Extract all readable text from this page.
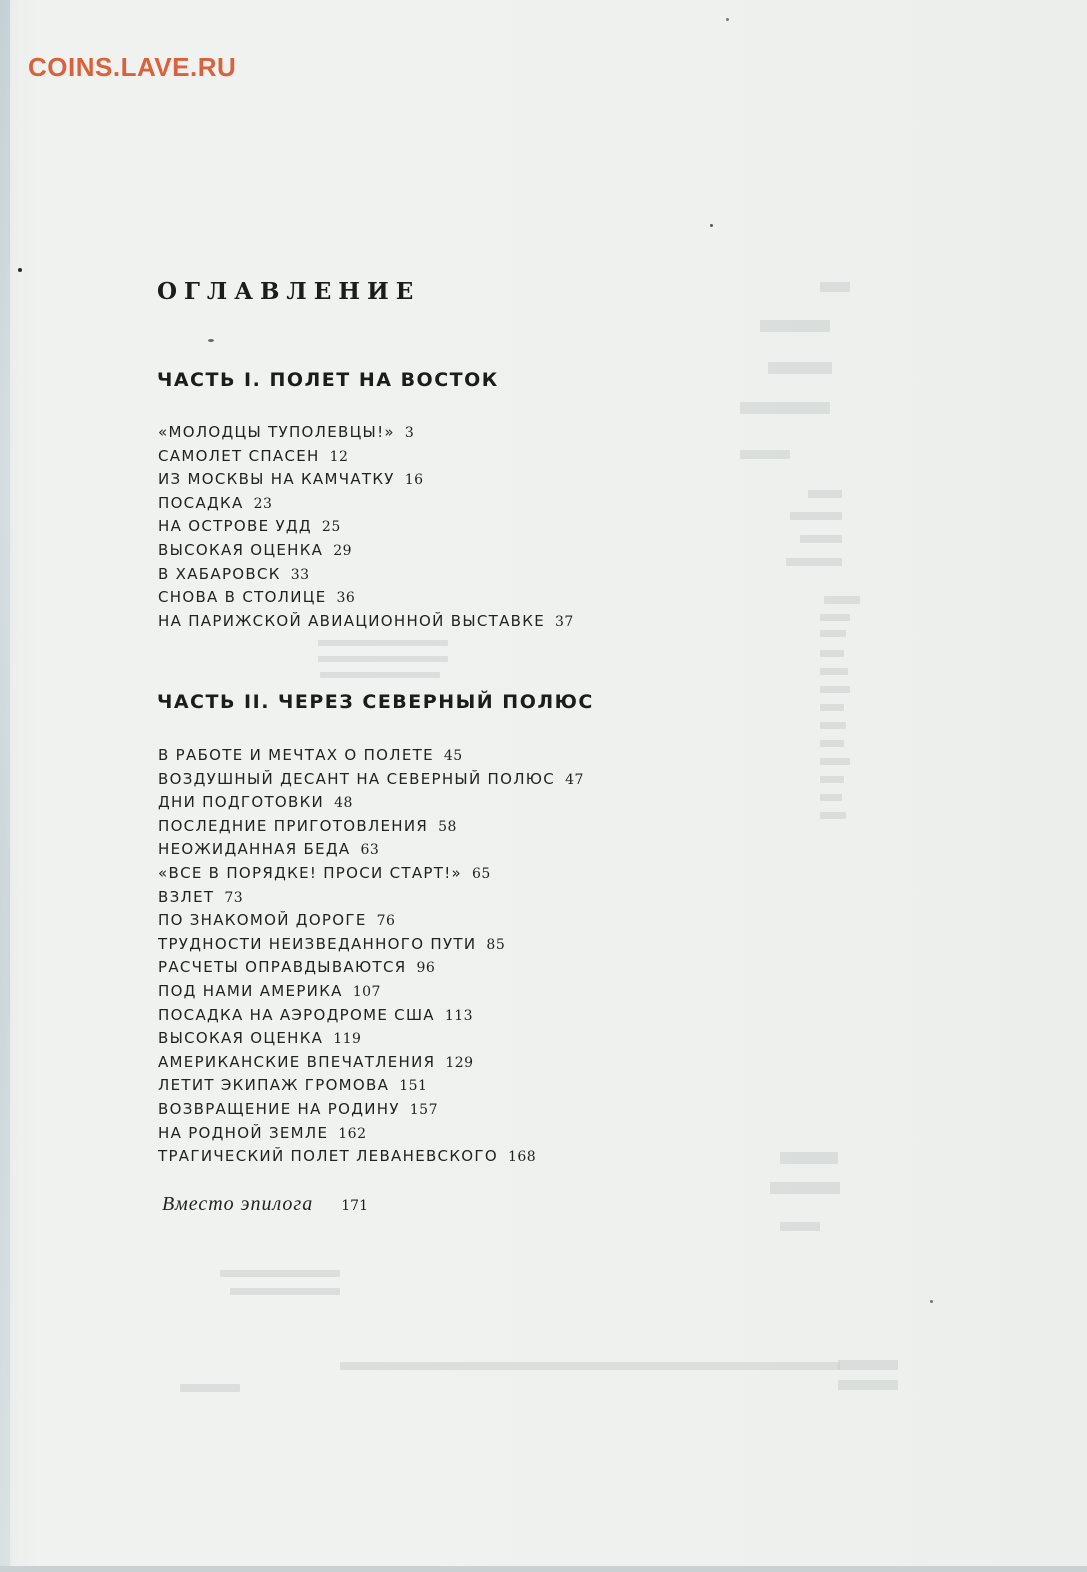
COINS.LAVE.RU
ОГЛАВЛЕНИЕ
ЧАСТЬ I. ПОЛЕТ НА ВОСТОК
«МОЛОДЦЫ ТУПОЛЕВЦЫ!» 3
САМОЛЕТ СПАСЕН 12
ИЗ МОСКВЫ НА КАМЧАТКУ 16
ПОСАДКА 23
НА ОСТРОВЕ УДД 25
ВЫСОКАЯ ОЦЕНКА 29
В ХАБАРОВСК 33
СНОВА В СТОЛИЦЕ 36
НА ПАРИЖСКОЙ АВИАЦИОННОЙ ВЫСТАВКЕ 37
ЧАСТЬ II. ЧЕРЕЗ СЕВЕРНЫЙ ПОЛЮС
В РАБОТЕ И МЕЧТАХ О ПОЛЕТЕ 45
ВОЗДУШНЫЙ ДЕСАНТ НА СЕВЕРНЫЙ ПОЛЮС 47
ДНИ ПОДГОТОВКИ 48
ПОСЛЕДНИЕ ПРИГОТОВЛЕНИЯ 58
НЕОЖИДАННАЯ БЕДА 63
«ВСЕ В ПОРЯДКЕ! ПРОСИ СТАРТ!» 65
ВЗЛЕТ 73
ПО ЗНАКОМОЙ ДОРОГЕ 76
ТРУДНОСТИ НЕИЗВЕДАННОГО ПУТИ 85
РАСЧЕТЫ ОПРАВДЫВАЮТСЯ 96
ПОД НАМИ АМЕРИКА 107
ПОСАДКА НА АЭРОДРОМЕ США 113
ВЫСОКАЯ ОЦЕНКА 119
АМЕРИКАНСКИЕ ВПЕЧАТЛЕНИЯ 129
ЛЕТИТ ЭКИПАЖ ГРОМОВА 151
ВОЗВРАЩЕНИЕ НА РОДИНУ 157
НА РОДНОЙ ЗЕМЛЕ 162
ТРАГИЧЕСКИЙ ПОЛЕТ ЛЕВАНЕВСКОГО 168
Вместо эпилога 171
